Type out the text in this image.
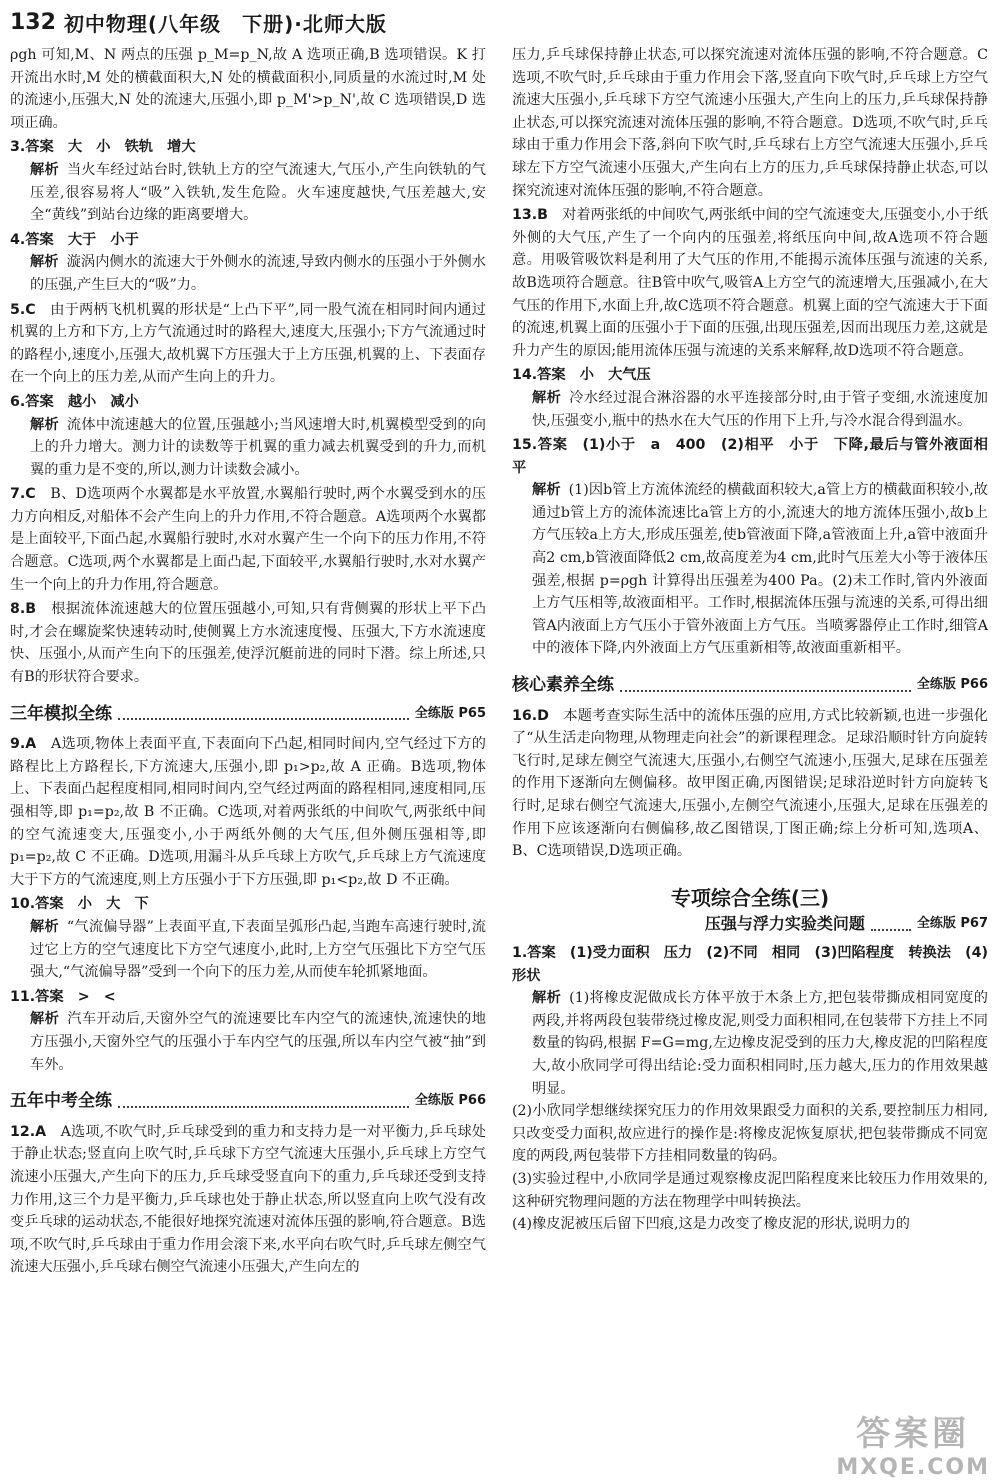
132 初中物理(八年级　下册)·北师大版
ρgh 可知,M、N 两点的压强 p_M=p_N,故 A 选项正确,B 选项错误。K 打开流出水时,M 处的横截面积大,N 处的横截面积小,同质量的水流过时,M 处的流速小,压强大,N 处的流速大,压强小,即 p_M'>p_N',故 C 选项错误,D 选项正确。
3.答案　大　小　铁轨　增大
解析 当火车经过站台时,铁轨上方的空气流速大,气压小,产生向铁轨的气压差,很容易将人“吸”入铁轨,发生危险。火车速度越快,气压差越大,安全“黄线”到站台边缘的距离要增大。
4.答案　大于　小于
解析 漩涡内侧水的流速大于外侧水的流速,导致内侧水的压强小于外侧水的压强,产生巨大的“吸”力。
5.C　 由于两柄飞机机翼的形状是“上凸下平”,同一股气流在相同时间内通过机翼的上方和下方,上方气流通过时的路程大,速度大,压强小;下方气流通过时的路程小,速度小,压强大,故机翼下方压强大于上方压强,机翼的上、下表面存在一个向上的压力差,从而产生向上的升力。
6.答案　越小　减小
解析 流体中流速越大的位置,压强越小;当风速增大时,机翼模型受到的向上的升力增大。测力计的读数等于机翼的重力减去机翼受到的升力,而机翼的重力是不变的,所以,测力计读数会减小。
7.C　 B、D选项两个水翼都是水平放置,水翼船行驶时,两个水翼受到水的压力方向相反,对船体不会产生向上的升力作用,不符合题意。A选项两个水翼都是上面较平,下面凸起,水翼船行驶时,水对水翼产生一个向下的压力作用,不符合题意。C选项,两个水翼都是上面凸起,下面较平,水翼船行驶时,水对水翼产生一个向上的升力作用,符合题意。
8.B　 根据流体流速越大的位置压强越小,可知,只有背侧翼的形状上平下凸时,才会在螺旋桨快速转动时,使侧翼上方水流速度慢、压强大,下方水流速度快、压强小,从而产生向下的压强差,使浮沉艇前进的同时下潜。综上所述,只有B的形状符合要求。
三年模拟全练	全练版 P65
9.A　 A选项,物体上表面平直,下表面向下凸起,相同时间内,空气经过下方的路程比上方路程长,下方流速大,压强小,即 p₁>p₂,故 A 正确。B选项,物体上、下表面凸起程度相同,相同时间内,空气经过两面的路程相同,速度相同,压强相等,即 p₁=p₂,故 B 不正确。C选项,对着两张纸的中间吹气,两张纸中间的空气流速变大,压强变小,小于两纸外侧的大气压,但外侧压强相等,即 p₁=p₂,故 C 不正确。D选项,用漏斗从乒乓球上方吹气,乒乓球上方气流速度大于下方的气流速度,则上方压强小于下方压强,即 p₁<p₂,故 D 不正确。
10.答案　小　大　下
解析 “气流偏导器”上表面平直,下表面呈弧形凸起,当跑车高速行驶时,流过它上方的空气速度比下方空气速度小,此时,上方空气压强比下方空气压强大,“气流偏导器”受到一个向下的压力差,从而使车轮抓紧地面。
11.答案　>　<
解析 汽车开动后,天窗外空气的流速要比车内空气的流速快,流速快的地方压强小,天窗外空气的压强小于车内空气的压强,所以车内空气被“抽”到车外。
五年中考全练	全练版 P66
12.A　 A选项,不吹气时,乒乓球受到的重力和支持力是一对平衡力,乒乓球处于静止状态;竖直向上吹气时,乒乓球下方空气流速大压强小,乒乓球上方空气流速小压强大,产生向下的压力,乒乓球受竖直向下的重力,乒乓球还受到支持力作用,这三个力是平衡力,乒乓球也处于静止状态,所以竖直向上吹气没有改变乒乓球的运动状态,不能很好地探究流速对流体压强的影响,符合题意。B选项,不吹气时,乒乓球由于重力作用会滚下来,水平向右吹气时,乒乓球左侧空气流速大压强小,乒乓球右侧空气流速小压强大,产生向左的
压力,乒乓球保持静止状态,可以探究流速对流体压强的影响,不符合题意。C选项,不吹气时,乒乓球由于重力作用会下落,竖直向下吹气时,乒乓球上方空气流速大压强小,乒乓球下方空气流速小压强大,产生向上的压力,乒乓球保持静止状态,可以探究流速对流体压强的影响,不符合题意。D选项,不吹气时,乒乓球由于重力作用会下落,斜向下吹气时,乒乓球右上方空气流速大压强小,乒乓球左下方空气流速小压强大,产生向右上方的压力,乒乓球保持静止状态,可以探究流速对流体压强的影响,不符合题意。
13.B　 对着两张纸的中间吹气,两张纸中间的空气流速变大,压强变小,小于纸外侧的大气压,产生了一个向内的压强差,将纸压向中间,故A选项不符合题意。用吸管吸饮料是利用了大气压的作用,不能揭示流体压强与流速的关系,故B选项符合题意。往B管中吹气,吸管A上方空气的流速增大,压强减小,在大气压的作用下,水面上升,故C选项不符合题意。机翼上面的空气流速大于下面的流速,机翼上面的压强小于下面的压强,出现压强差,因而出现压力差,这就是升力产生的原因;能用流体压强与流速的关系来解释,故D选项不符合题意。
14.答案　小　大气压
解析 冷水经过混合淋浴器的水平连接部分时,由于管子变细,水流速度加快,压强变小,瓶中的热水在大气压的作用下上升,与冷水混合得到温水。
15.答案　(1)小于　a　400　(2)相平　小于　下降,最后与管外液面相平
解析 (1)因b管上方流体流经的横截面积较大,a管上方的横截面积较小,故通过b管上方的流体流速比a管上方的小,流速大的地方流体压强小,故b上方气压较a上方大,形成压强差,使b管液面下降,a管液面上升,a管中液面升高2 cm,b管液面降低2 cm,故高度差为4 cm,此时气压差大小等于液体压强差,根据 p=ρgh 计算得出压强差为400 Pa。(2)未工作时,管内外液面上方气压相等,故液面相平。工作时,根据流体压强与流速的关系,可得出细管A内液面上方气压小于管外液面上方气压。当喷雾器停止工作时,细管A中的液体下降,内外液面上方气压重新相等,故液面重新相平。
核心素养全练	全练版 P66
16.D　 本题考查实际生活中的流体压强的应用,方式比较新颖,也进一步强化了“从生活走向物理,从物理走向社会”的新课程理念。足球沿顺时针方向旋转飞行时,足球左侧空气流速大,压强小,右侧空气流速小,压强大,足球在压强差的作用下逐渐向左侧偏移。故甲图正确,丙图错误;足球沿逆时针方向旋转飞行时,足球右侧空气流速大,压强小,左侧空气流速小,压强大,足球在压强差的作用下应该逐渐向右侧偏移,故乙图错误,丁图正确;综上分析可知,选项A、B、C选项错误,D选项正确。
专项综合全练(三)
压强与浮力实验类问题	全练版 P67
1.答案　(1)受力面积　压力　(2)不同　相同　(3)凹陷程度　转换法　(4)形状
解析 (1)将橡皮泥做成长方体平放于木条上方,把包装带撕成相同宽度的两段,并将两段包装带绕过橡皮泥,则受力面积相同,在包装带下方挂上不同数量的钩码,根据 F=G=mg,左边橡皮泥受到的压力大,橡皮泥的凹陷程度大,故小欣同学可得出结论:受力面积相同时,压力越大,压力的作用效果越明显。
(2)小欣同学想继续探究压力的作用效果跟受力面积的关系,要控制压力相同,只改变受力面积,故应进行的操作是:将橡皮泥恢复原状,把包装带撕成不同宽度的两段,两包装带下方挂相同数量的钩码。
(3)实验过程中,小欣同学是通过观察橡皮泥凹陷程度来比较压力作用效果的,这种研究物理问题的方法在物理学中叫转换法。
(4)橡皮泥被压后留下凹痕,这是力改变了橡皮泥的形状,说明力的
答案圈
MXQE.COM
